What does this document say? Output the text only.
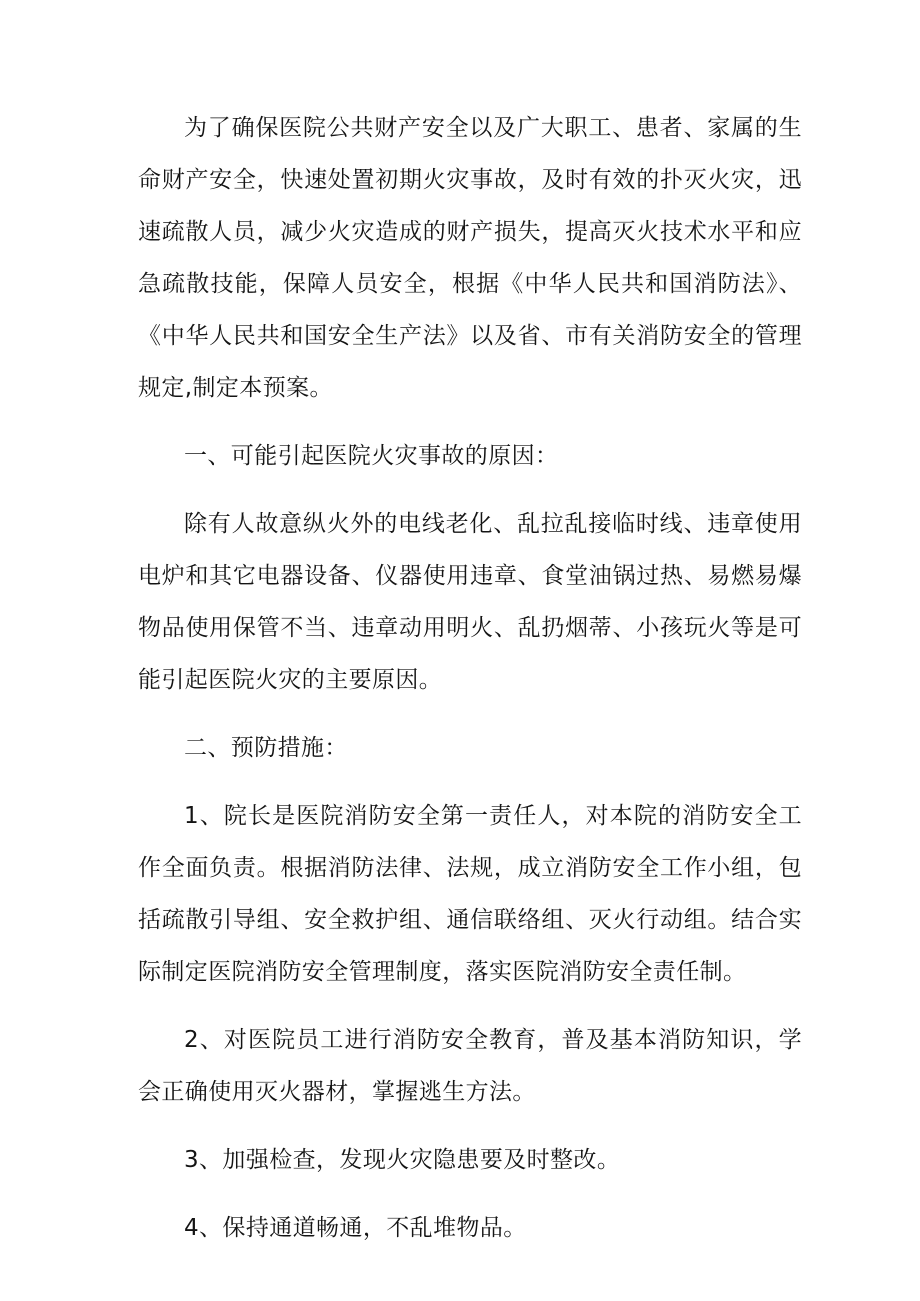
为了确保医院公共财产安全以及广大职工、患者、家属的生命财产安全，快速处置初期火灾事故，及时有效的扑灭火灾，迅速疏散人员，减少火灾造成的财产损失，提高灭火技术水平和应急疏散技能，保障人员安全，根据《中华人民共和国消防法》、《中华人民共和国安全生产法》以及省、市有关消防安全的管理规定,制定本预案。

一、可能引起医院火灾事故的原因：

除有人故意纵火外的电线老化、乱拉乱接临时线、违章使用电炉和其它电器设备、仪器使用违章、食堂油锅过热、易燃易爆物品使用保管不当、违章动用明火、乱扔烟蒂、小孩玩火等是可能引起医院火灾的主要原因。

二、预防措施：

1、院长是医院消防安全第一责任人，对本院的消防安全工作全面负责。根据消防法律、法规，成立消防安全工作小组，包括疏散引导组、安全救护组、通信联络组、灭火行动组。结合实际制定医院消防安全管理制度，落实医院消防安全责任制。

2、对医院员工进行消防安全教育，普及基本消防知识，学会正确使用灭火器材，掌握逃生方法。

3、加强检查，发现火灾隐患要及时整改。

4、保持通道畅通，不乱堆物品。
